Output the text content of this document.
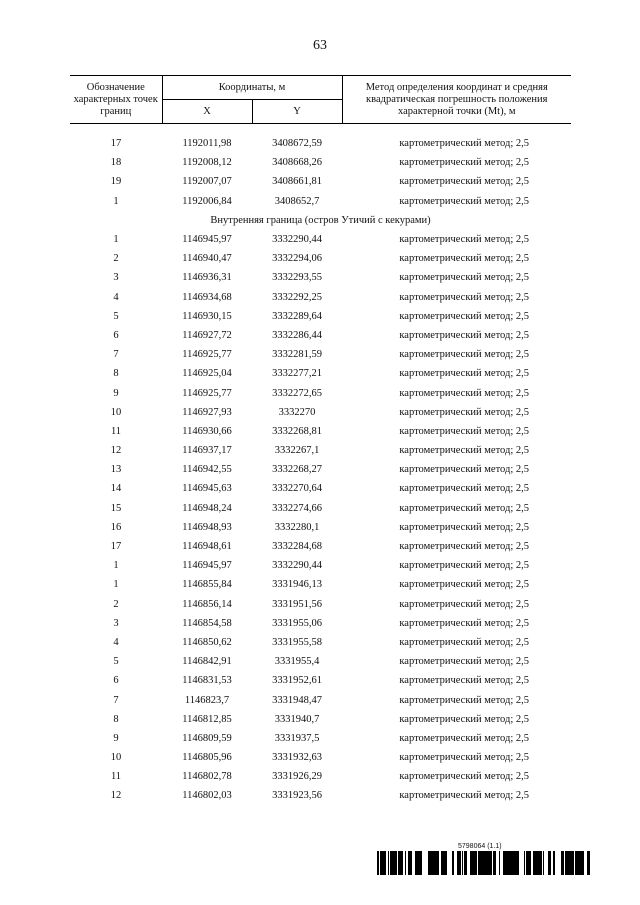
63
Обозначение характерных точек границ	Координаты, м		Метод определения координат и средняя квадратическая погрешность положения характерной точки (Мt), м
	X	Y	

17	1192011,98	3408672,59	картометрический метод; 2,5
18	1192008,12	3408668,26	картометрический метод; 2,5
19	1192007,07	3408661,81	картометрический метод; 2,5
1	1192006,84	3408652,7	картометрический метод; 2,5
Внутренняя граница (остров Утичий с кекурами)			
1	1146945,97	3332290,44	картометрический метод; 2,5
2	1146940,47	3332294,06	картометрический метод; 2,5
3	1146936,31	3332293,55	картометрический метод; 2,5
4	1146934,68	3332292,25	картометрический метод; 2,5
5	1146930,15	3332289,64	картометрический метод; 2,5
6	1146927,72	3332286,44	картометрический метод; 2,5
7	1146925,77	3332281,59	картометрический метод; 2,5
8	1146925,04	3332277,21	картометрический метод; 2,5
9	1146925,77	3332272,65	картометрический метод; 2,5
10	1146927,93	3332270	картометрический метод; 2,5
11	1146930,66	3332268,81	картометрический метод; 2,5
12	1146937,17	3332267,1	картометрический метод; 2,5
13	1146942,55	3332268,27	картометрический метод; 2,5
14	1146945,63	3332270,64	картометрический метод; 2,5
15	1146948,24	3332274,66	картометрический метод; 2,5
16	1146948,93	3332280,1	картометрический метод; 2,5
17	1146948,61	3332284,68	картометрический метод; 2,5
1	1146945,97	3332290,44	картометрический метод; 2,5
1	1146855,84	3331946,13	картометрический метод; 2,5
2	1146856,14	3331951,56	картометрический метод; 2,5
3	1146854,58	3331955,06	картометрический метод; 2,5
4	1146850,62	3331955,58	картометрический метод; 2,5
5	1146842,91	3331955,4	картометрический метод; 2,5
6	1146831,53	3331952,61	картометрический метод; 2,5
7	1146823,7	3331948,47	картометрический метод; 2,5
8	1146812,85	3331940,7	картометрический метод; 2,5
9	1146809,59	3331937,5	картометрический метод; 2,5
10	1146805,96	3331932,63	картометрический метод; 2,5
11	1146802,78	3331926,29	картометрический метод; 2,5
12	1146802,03	3331923,56	картометрический метод; 2,5
5798064 (1.1)
